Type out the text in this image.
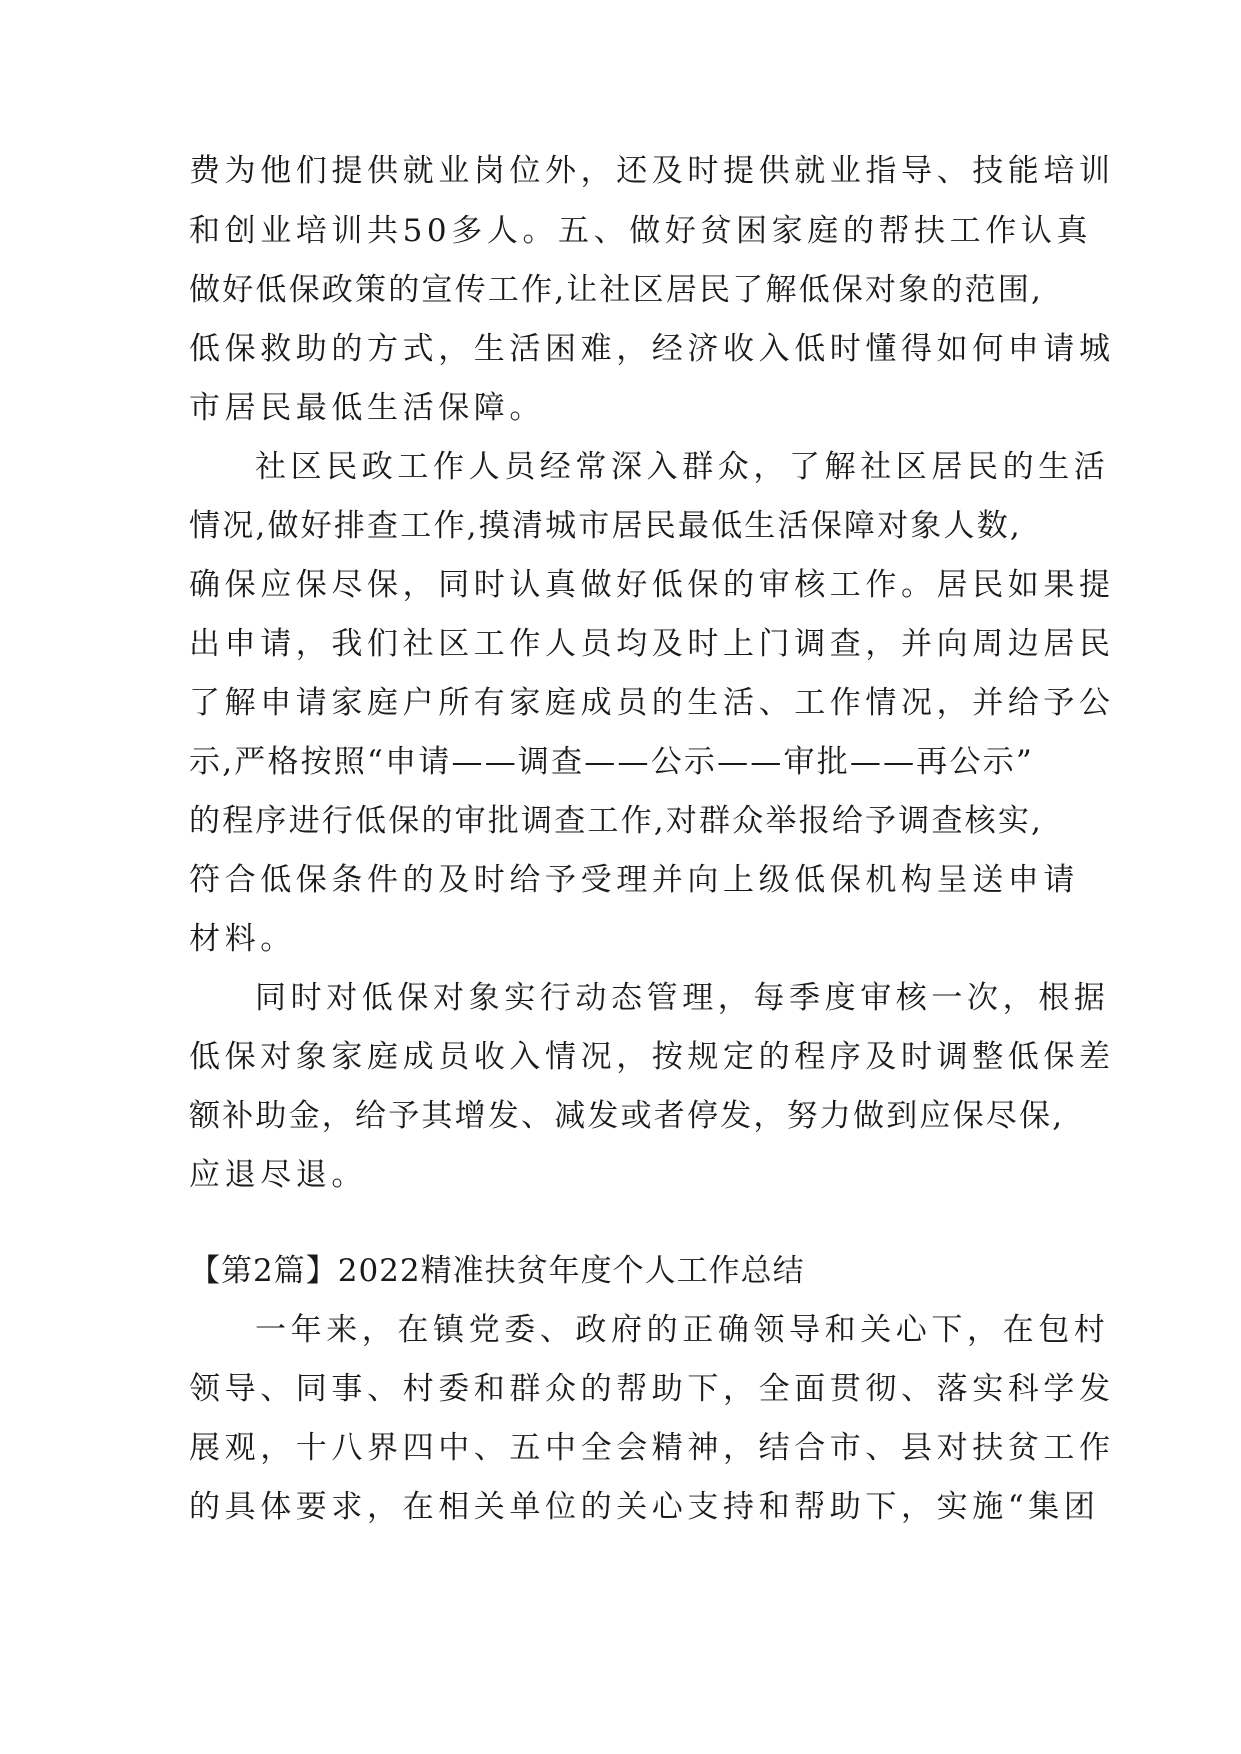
费为他们提供就业岗位外，还及时提供就业指导、技能培训
和创业培训共50多人。五、做好贫困家庭的帮扶工作认真
做好低保政策的宣传工作,让社区居民了解低保对象的范围,
低保救助的方式，生活困难，经济收入低时懂得如何申请城
市居民最低生活保障。
社区民政工作人员经常深入群众，了解社区居民的生活
情况,做好排查工作,摸清城市居民最低生活保障对象人数,
确保应保尽保，同时认真做好低保的审核工作。居民如果提
出申请，我们社区工作人员均及时上门调查，并向周边居民
了解申请家庭户所有家庭成员的生活、工作情况，并给予公
示,严格按照“申请——调查——公示——审批——再公示”
的程序进行低保的审批调查工作,对群众举报给予调查核实,
符合低保条件的及时给予受理并向上级低保机构呈送申请
材料。
同时对低保对象实行动态管理，每季度审核一次，根据
低保对象家庭成员收入情况，按规定的程序及时调整低保差
额补助金，给予其增发、减发或者停发，努力做到应保尽保,
应退尽退。
【第2篇】2022精准扶贫年度个人工作总结
一年来，在镇党委、政府的正确领导和关心下，在包村
领导、同事、村委和群众的帮助下，全面贯彻、落实科学发
展观，十八界四中、五中全会精神，结合市、县对扶贫工作
的具体要求，在相关单位的关心支持和帮助下，实施“集团
